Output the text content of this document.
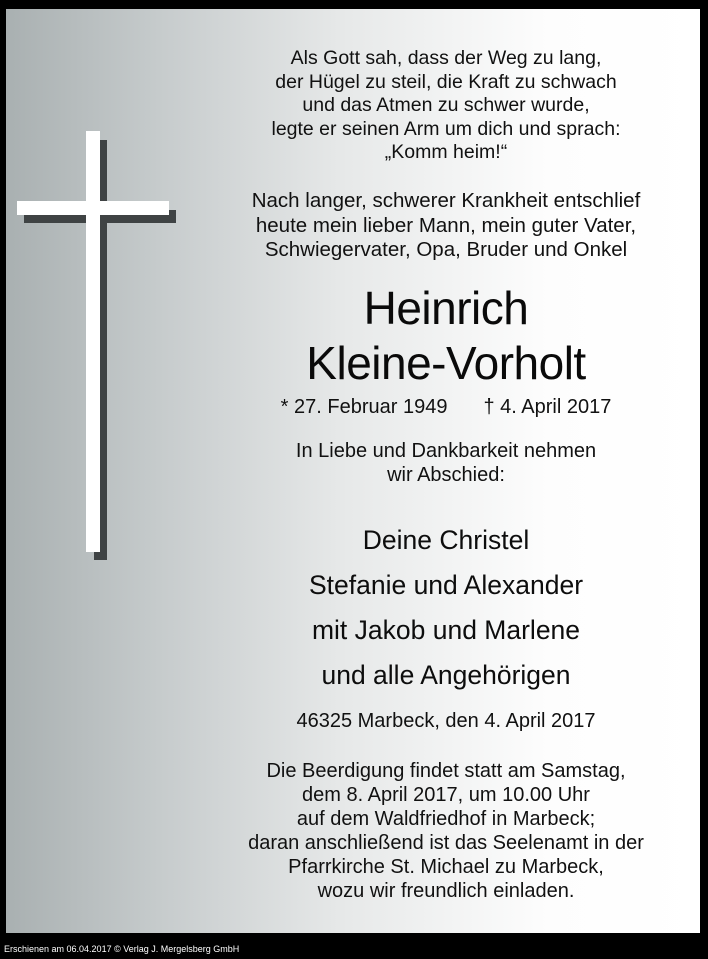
Als Gott sah, dass der Weg zu lang,
der Hügel zu steil, die Kraft zu schwach
und das Atmen zu schwer wurde,
legte er seinen Arm um dich und sprach:
„Komm heim!“
Nach langer, schwerer Krankheit entschlief
heute mein lieber Mann, mein guter Vater,
Schwiegervater, Opa, Bruder und Onkel
Heinrich
Kleine-Vorholt
* 27. Februar 1949 † 4. April 2017
In Liebe und Dankbarkeit nehmen
wir Abschied:
Deine Christel
Stefanie und Alexander
mit Jakob und Marlene
und alle Angehörigen
46325 Marbeck, den 4. April 2017
Die Beerdigung findet statt am Samstag,
dem 8. April 2017, um 10.00 Uhr
auf dem Waldfriedhof in Marbeck;
daran anschließend ist das Seelenamt in der
Pfarrkirche St. Michael zu Marbeck,
wozu wir freundlich einladen.
Erschienen am 06.04.2017 © Verlag J. Mergelsberg GmbH
